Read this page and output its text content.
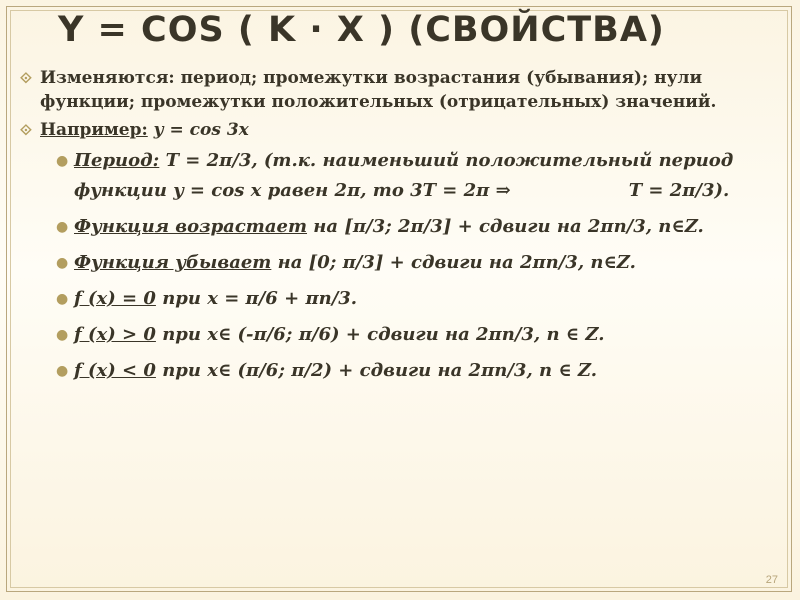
Y = COS ( K · X ) (СВОЙСТВА)
⟐ Изменяются: период; промежутки возрастания (убывания); нули функции; промежутки положительных (отрицательных) значений.
⟐ Например: y = cos 3x
● Период: T = 2π/3, (т.к. наименьший положительный период функции y = cos x равен 2π, то 3T = 2π ⇒	T = 2π/3).
● Функция возрастает на [π/3; 2π/3] + сдвиги на 2πn/3, n∈Z.
● Функция убывает на [0; π/3] + сдвиги на 2πn/3, n∈Z.
● f (x) = 0 при x = π/6 + πn/3.
● f (x) > 0 при x∈ (-π/6; π/6) + сдвиги на 2πn/3, n ∈ Z.
● f (x) < 0 при x∈ (π/6; π/2) + сдвиги на 2πn/3, n ∈ Z.
27
